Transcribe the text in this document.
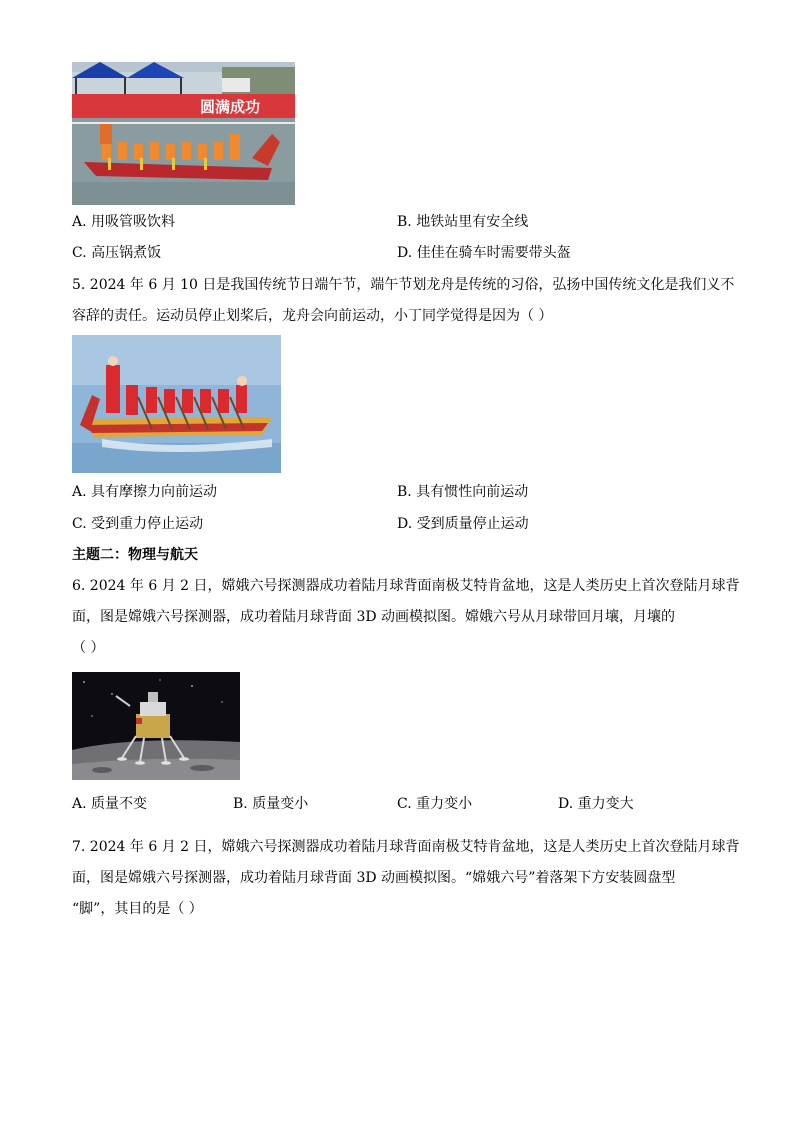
圆满成功
A. 用吸管吸饮料	B. 地铁站里有安全线
C. 高压锅煮饭	D. 佳佳在骑车时需要带头盔
5. 2024 年 6 月 10 日是我国传统节日端午节，端午节划龙舟是传统的习俗，弘扬中国传统文化是我们义不
容辞的责任。运动员停止划桨后，龙舟会向前运动，小丁同学觉得是因为（ ）
A. 具有摩擦力向前运动	B. 具有惯性向前运动
C. 受到重力停止运动	D. 受到质量停止运动
主题二：物理与航天
6. 2024 年 6 月 2 日，嫦娥六号探测器成功着陆月球背面南极艾特肯盆地，这是人类历史上首次登陆月球背
面，图是嫦娥六号探测器，成功着陆月球背面 3D 动画模拟图。嫦娥六号从月球带回月壤，月壤的
（ ）
A. 质量不变	B. 质量变小	C. 重力变小	D. 重力变大
7. 2024 年 6 月 2 日，嫦娥六号探测器成功着陆月球背面南极艾特肯盆地，这是人类历史上首次登陆月球背
面，图是嫦娥六号探测器，成功着陆月球背面 3D 动画模拟图。“嫦娥六号”着落架下方安装圆盘型
“脚”，其目的是（ ）
